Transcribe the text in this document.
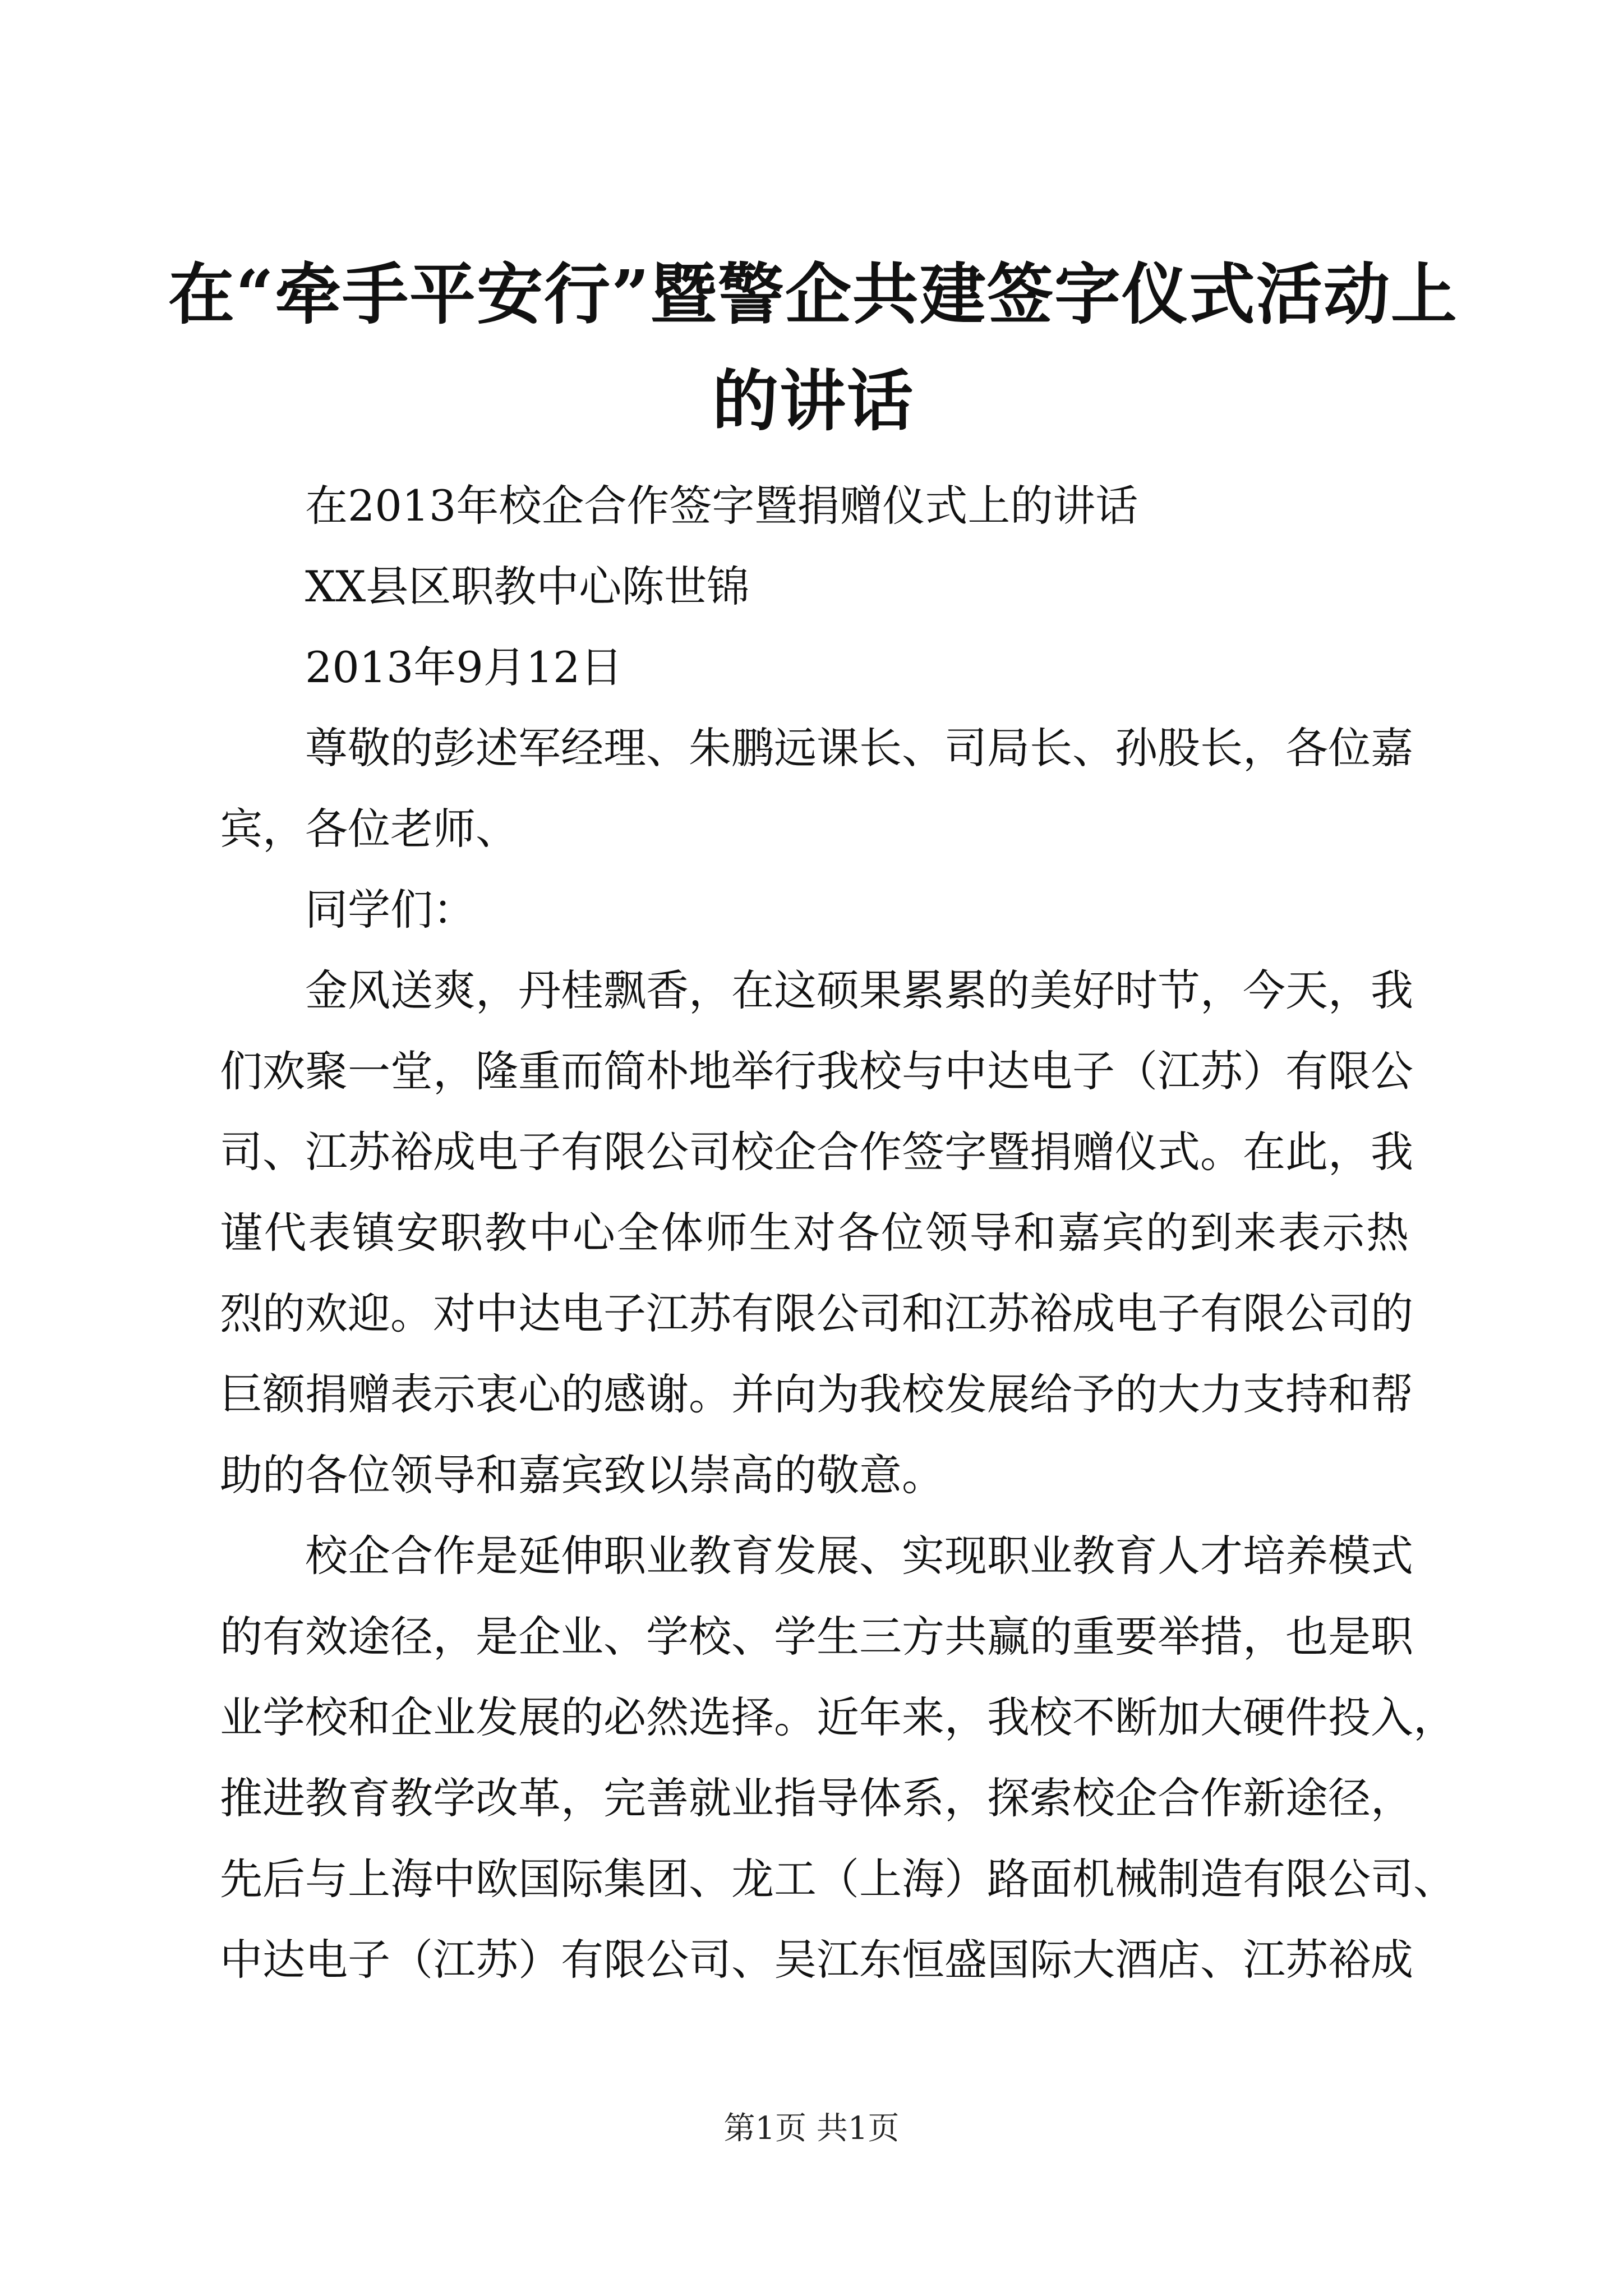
在“牵手平安行”暨警企共建签字仪式活动上
的讲话

在2013年校企合作签字暨捐赠仪式上的讲话

XX县区职教中心陈世锦

2013年9月12日

尊敬的彭述军经理、朱鹏远课长、司局长、孙股长，各位嘉

宾，各位老师、

同学们：

金风送爽，丹桂飘香，在这硕果累累的美好时节，今天，我

们欢聚一堂，隆重而简朴地举行我校与中达电子（江苏）有限公

司、江苏裕成电子有限公司校企合作签字暨捐赠仪式。在此，我

谨代表镇安职教中心全体师生对各位领导和嘉宾的到来表示热

烈的欢迎。对中达电子江苏有限公司和江苏裕成电子有限公司的

巨额捐赠表示衷心的感谢。并向为我校发展给予的大力支持和帮

助的各位领导和嘉宾致以崇高的敬意。

校企合作是延伸职业教育发展、实现职业教育人才培养模式

的有效途径，是企业、学校、学生三方共赢的重要举措，也是职

业学校和企业发展的必然选择。近年来，我校不断加大硬件投入，

推进教育教学改革，完善就业指导体系，探索校企合作新途径，

先后与上海中欧国际集团、龙工（上海）路面机械制造有限公司、

中达电子（江苏）有限公司、吴江东恒盛国际大酒店、江苏裕成

第1页 共1页
